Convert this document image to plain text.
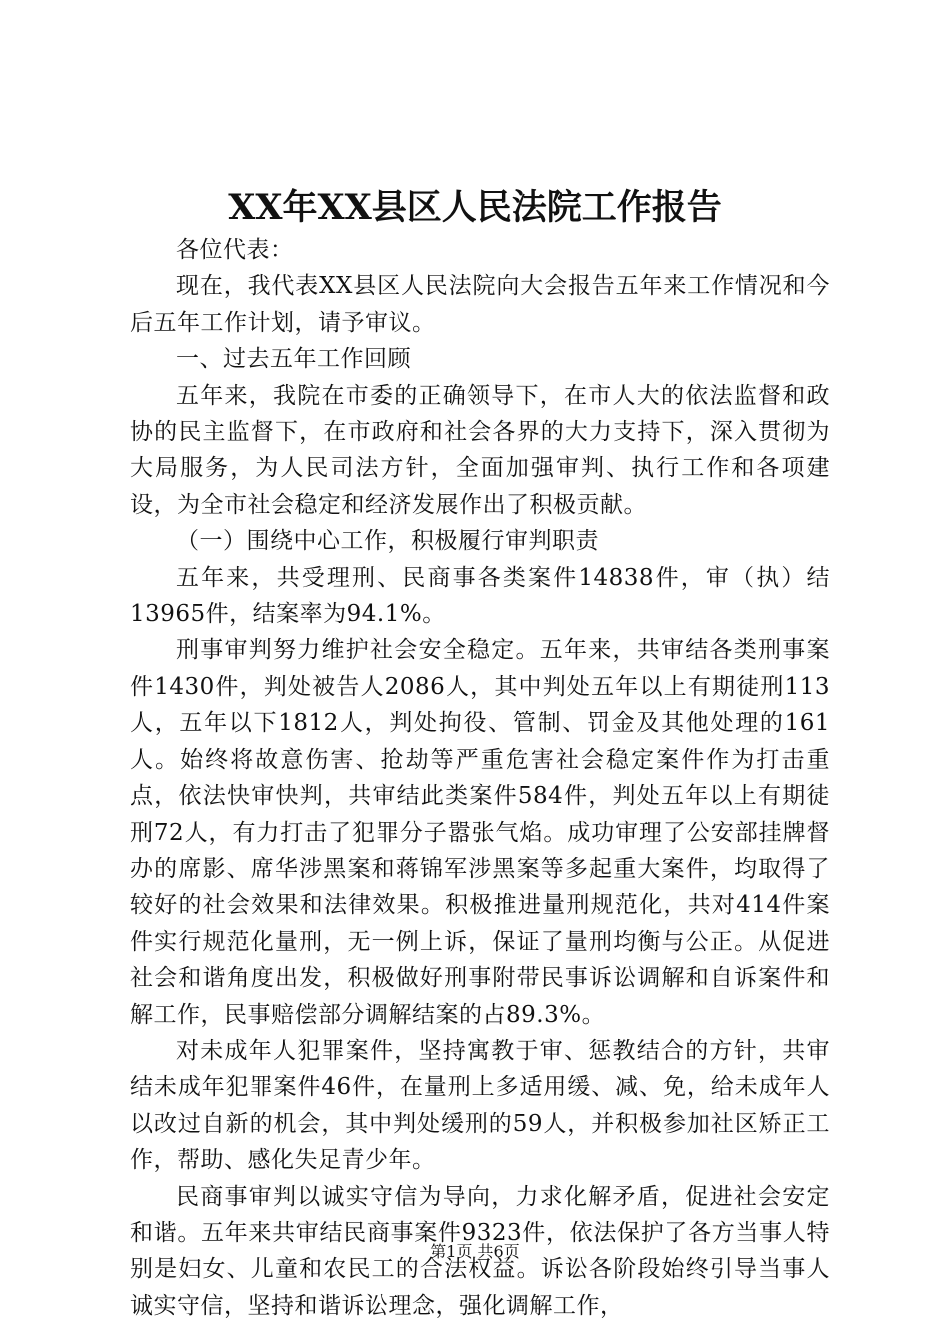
XX年XX县区人民法院工作报告

各位代表：

现在，我代表XX县区人民法院向大会报告五年来工作情况和今后五年工作计划，请予审议。

一、过去五年工作回顾

五年来，我院在市委的正确领导下，在市人大的依法监督和政协的民主监督下，在市政府和社会各界的大力支持下，深入贯彻为大局服务，为人民司法方针，全面加强审判、执行工作和各项建设，为全市社会稳定和经济发展作出了积极贡献。

（一）围绕中心工作，积极履行审判职责

五年来，共受理刑、民商事各类案件14838件，审（执）结13965件，结案率为94.1%。

刑事审判努力维护社会安全稳定。五年来，共审结各类刑事案件1430件，判处被告人2086人，其中判处五年以上有期徒刑113人，五年以下1812人，判处拘役、管制、罚金及其他处理的161人。始终将故意伤害、抢劫等严重危害社会稳定案件作为打击重点，依法快审快判，共审结此类案件584件，判处五年以上有期徒刑72人，有力打击了犯罪分子嚣张气焰。成功审理了公安部挂牌督办的席影、席华涉黑案和蒋锦军涉黑案等多起重大案件，均取得了较好的社会效果和法律效果。积极推进量刑规范化，共对414件案件实行规范化量刑，无一例上诉，保证了量刑均衡与公正。从促进社会和谐角度出发，积极做好刑事附带民事诉讼调解和自诉案件和解工作，民事赔偿部分调解结案的占89.3%。

对未成年人犯罪案件，坚持寓教于审、惩教结合的方针，共审结未成年犯罪案件46件，在量刑上多适用缓、减、免，给未成年人以改过自新的机会，其中判处缓刑的59人，并积极参加社区矫正工作，帮助、感化失足青少年。

民商事审判以诚实守信为导向，力求化解矛盾，促进社会安定和谐。五年来共审结民商事案件9323件，依法保护了各方当事人特别是妇女、儿童和农民工的合法权益。诉讼各阶段始终引导当事人诚实守信，坚持和谐诉讼理念，强化调解工作，

第1页 共6页
